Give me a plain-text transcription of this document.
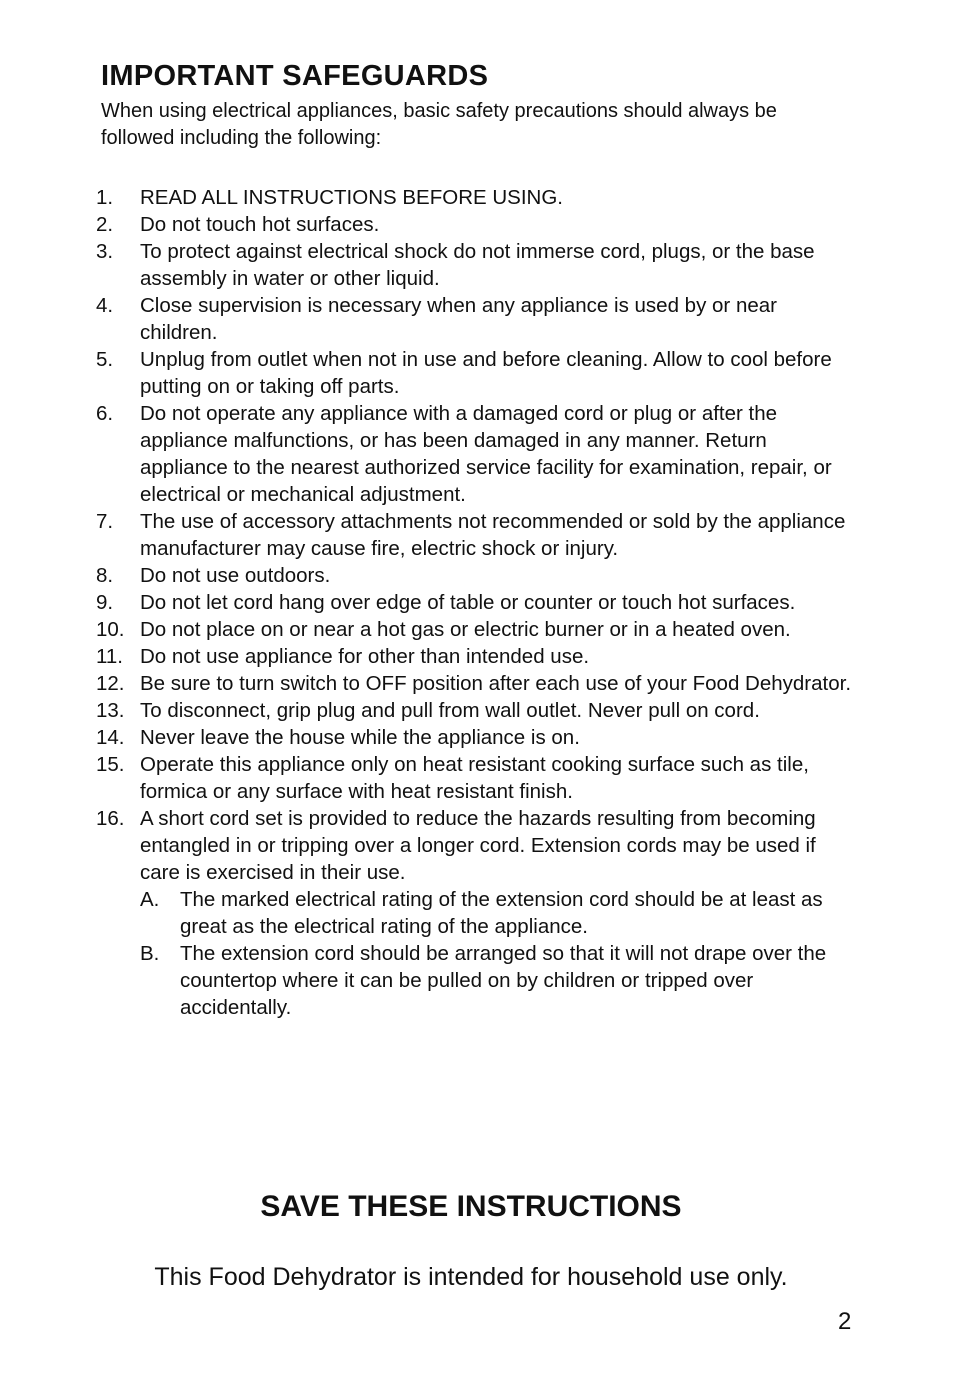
IMPORTANT SAFEGUARDS

When using electrical appliances, basic safety precautions should always be followed including the following:

1.	READ ALL INSTRUCTIONS BEFORE USING.
2.	Do not touch hot surfaces.
3.	To protect against electrical shock do not immerse cord, plugs, or the base assembly in water or other liquid.
4.	Close supervision is necessary when any appliance is used by or near children.
5.	Unplug from outlet when not in use and before cleaning. Allow to cool before putting on or taking off parts.
6.	Do not operate any appliance with a damaged cord or plug or after the appliance malfunctions, or has been damaged in any manner. Return appliance to the nearest authorized service facility for examination, repair, or electrical or mechanical adjustment.
7.	The use of accessory attachments not recommended or sold by the appliance manufacturer may cause fire, electric shock or injury.
8.	Do not use outdoors.
9.	Do not let cord hang over edge of table or counter or touch hot surfaces.
10. Do not place on or near a hot gas or electric burner or in a heated oven.
11. Do not use appliance for other than intended use.
12. Be sure to turn switch to OFF position after each use of your Food Dehydrator.
13. To disconnect, grip plug and pull from wall outlet. Never pull on cord.
14. Never leave the house while the appliance is on.
15. Operate this appliance only on heat resistant cooking surface such as tile, formica or any surface with heat resistant finish.
16. A short cord set is provided to reduce the hazards resulting from becoming entangled in or tripping over a longer cord. Extension cords may be used if care is exercised in their use.
A.	The marked electrical rating of the extension cord should be at least as great as the electrical rating of the appliance.
B.	The extension cord should be arranged so that it will not drape over the countertop where it can be pulled on by children or tripped over accidentally.
SAVE THESE INSTRUCTIONS

This Food Dehydrator is intended for household use only.

2
